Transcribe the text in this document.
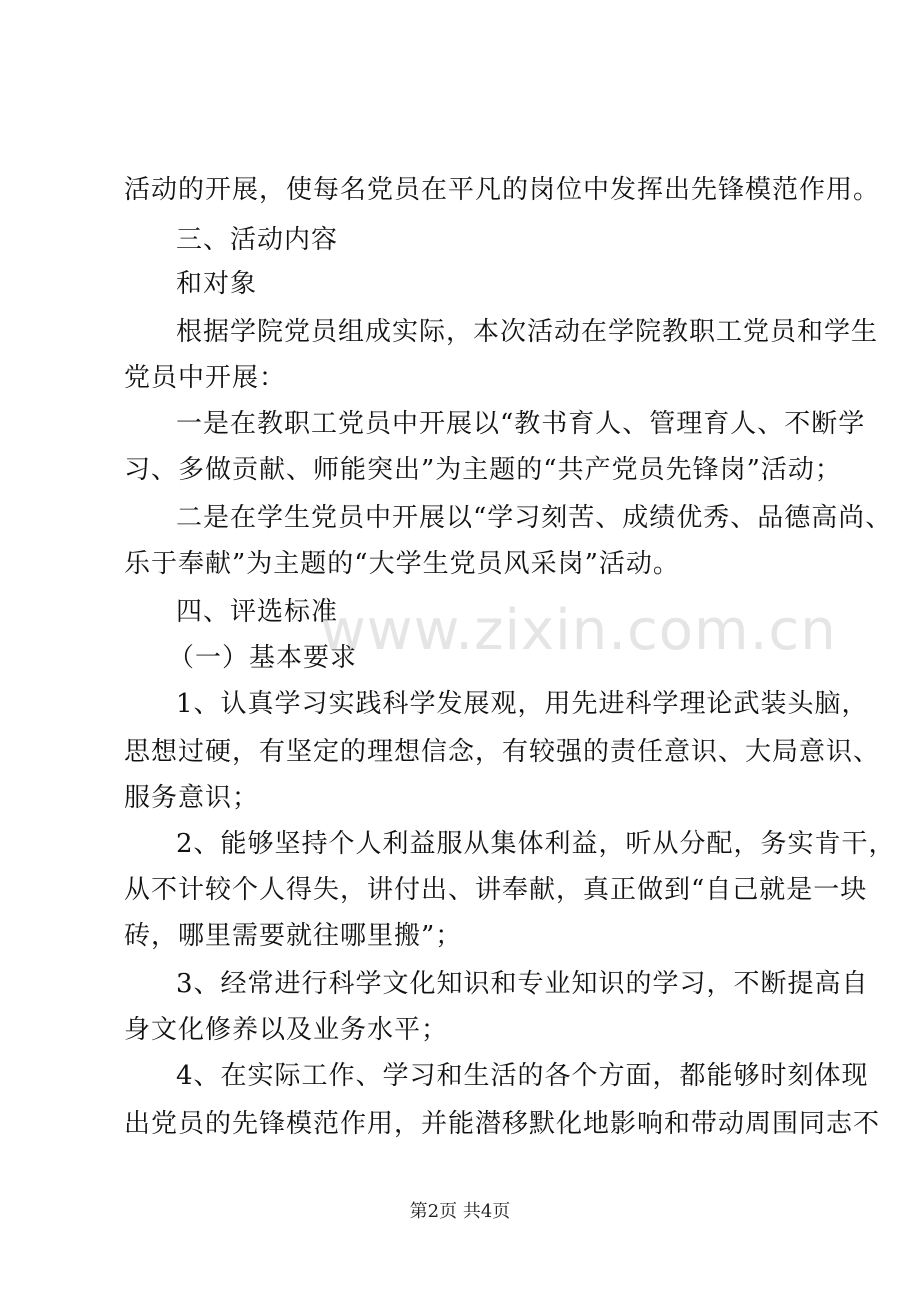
活动的开展，使每名党员在平凡的岗位中发挥出先锋模范作用。
三、活动内容
和对象
根据学院党员组成实际，本次活动在学院教职工党员和学生
党员中开展：
一是在教职工党员中开展以“教书育人、管理育人、不断学
习、多做贡献、师能突出”为主题的“共产党员先锋岗”活动；
二是在学生党员中开展以“学习刻苦、成绩优秀、品德高尚、
乐于奉献”为主题的“大学生党员风采岗”活动。
四、评选标准
（一）基本要求
1、认真学习实践科学发展观，用先进科学理论武装头脑，
思想过硬，有坚定的理想信念，有较强的责任意识、大局意识、
服务意识；
2、能够坚持个人利益服从集体利益，听从分配，务实肯干，
从不计较个人得失，讲付出、讲奉献，真正做到“自己就是一块
砖，哪里需要就往哪里搬”；
3、经常进行科学文化知识和专业知识的学习，不断提高自
身文化修养以及业务水平；
4、在实际工作、学习和生活的各个方面，都能够时刻体现
出党员的先锋模范作用，并能潜移默化地影响和带动周围同志不
www.zixin.com.cn
第2页 共4页
